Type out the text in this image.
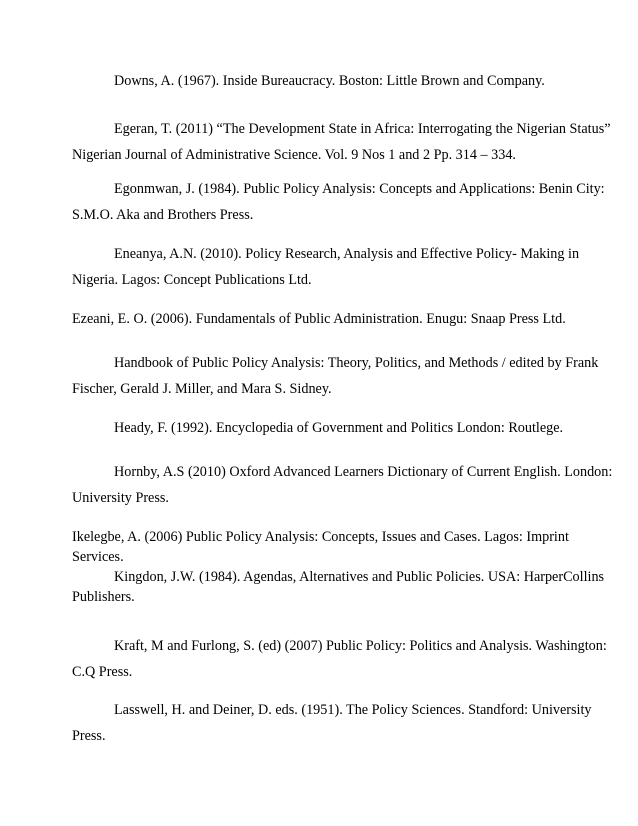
Downs, A. (1967). Inside Bureaucracy. Boston: Little Brown and Company.

Egeran, T. (2011) “The Development State in Africa: Interrogating the Nigerian Status”
Nigerian Journal of Administrative Science. Vol. 9 Nos 1 and 2 Pp. 314 – 334.

Egonmwan, J. (1984). Public Policy Analysis: Concepts and Applications: Benin City:
S.M.O. Aka and Brothers Press.

Eneanya, A.N. (2010). Policy Research, Analysis and Effective Policy- Making in
Nigeria. Lagos: Concept Publications Ltd.

Ezeani, E. O. (2006). Fundamentals of Public Administration. Enugu: Snaap Press Ltd.

Handbook of Public Policy Analysis: Theory, Politics, and Methods / edited by Frank
Fischer, Gerald J. Miller, and Mara S. Sidney.

Heady, F. (1992). Encyclopedia of Government and Politics London: Routlege.

Hornby, A.S (2010) Oxford Advanced Learners Dictionary of Current English. London:
University Press.

Ikelegbe, A. (2006) Public Policy Analysis: Concepts, Issues and Cases. Lagos: Imprint
Services.
Kingdon, J.W. (1984). Agendas, Alternatives and Public Policies. USA: HarperCollins
Publishers.

Kraft, M and Furlong, S. (ed) (2007) Public Policy: Politics and Analysis. Washington:
C.Q Press.

Lasswell, H. and Deiner, D. eds. (1951). The Policy Sciences. Standford: University
Press.
